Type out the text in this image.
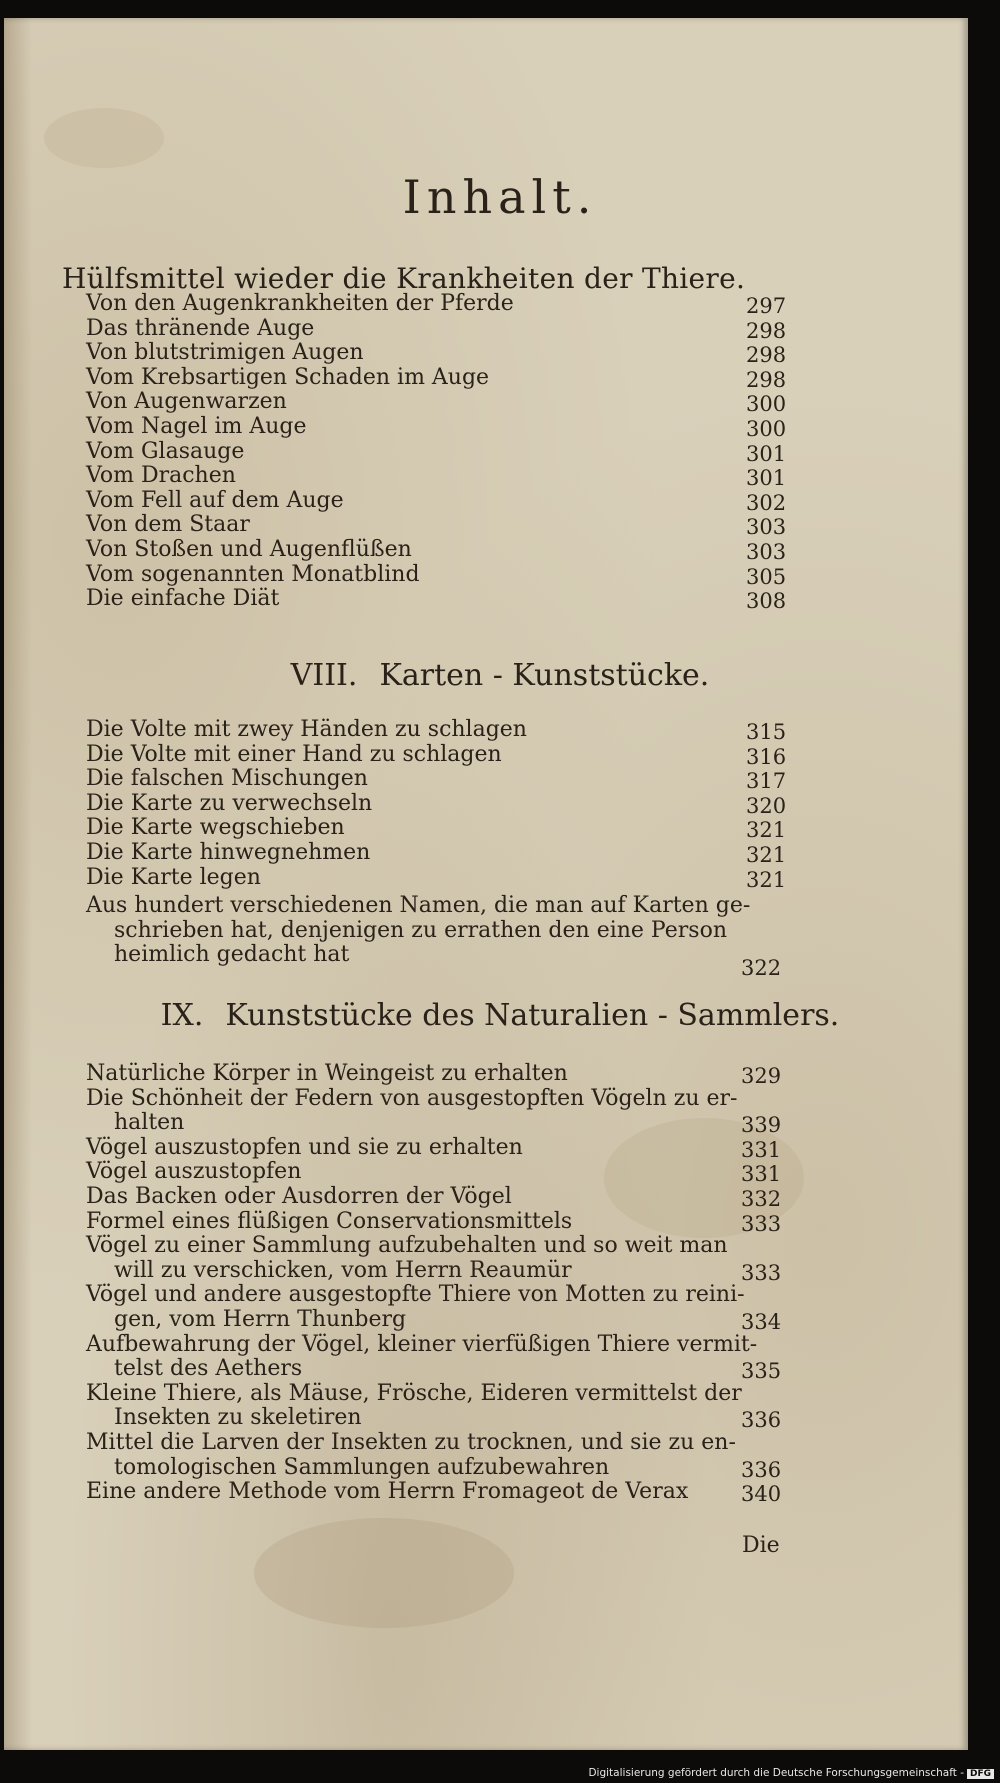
Inhalt.
Hülfsmittel wieder die Krankheiten der Thiere.
Von den Augenkrankheiten der Pferde	297
Das thränende Auge	298
Von blutstrimigen Augen	298
Vom Krebsartigen Schaden im Auge	298
Von Augenwarzen	300
Vom Nagel im Auge	300
Vom Glasauge	301
Vom Drachen	301
Vom Fell auf dem Auge	302
Von dem Staar	303
Von Stoßen und Augenflüßen	303
Vom sogenannten Monatblind	305
Die einfache Diät	308
VIII. Karten - Kunststücke.
Die Volte mit zwey Händen zu schlagen	315
Die Volte mit einer Hand zu schlagen	316
Die falschen Mischungen	317
Die Karte zu verwechseln	320
Die Karte wegschieben	321
Die Karte hinwegnehmen	321
Die Karte legen	321
Aus hundert verschiedenen Namen, die man auf Karten ge-
schrieben hat, denjenigen zu errathen den eine Person
heimlich gedacht hat
322
IX. Kunststücke des Naturalien - Sammlers.
Natürliche Körper in Weingeist zu erhalten	329
Die Schönheit der Federn von ausgestopften Vögeln zu er-
halten	339
Vögel auszustopfen und sie zu erhalten	331
Vögel auszustopfen	331
Das Backen oder Ausdorren der Vögel	332
Formel eines flüßigen Conservationsmittels	333
Vögel zu einer Sammlung aufzubehalten und so weit man
will zu verschicken, vom Herrn Reaumür	333
Vögel und andere ausgestopfte Thiere von Motten zu reini-
gen, vom Herrn Thunberg	334
Aufbewahrung der Vögel, kleiner vierfüßigen Thiere vermit-
telst des Aethers	335
Kleine Thiere, als Mäuse, Frösche, Eideren vermittelst der
Insekten zu skeletiren	336
Mittel die Larven der Insekten zu trocknen, und sie zu en-
tomologischen Sammlungen aufzubewahren	336
Eine andere Methode vom Herrn Fromageot de Verax	340
Die
Digitalisierung gefördert durch die Deutsche Forschungsgemeinschaft - DFG
